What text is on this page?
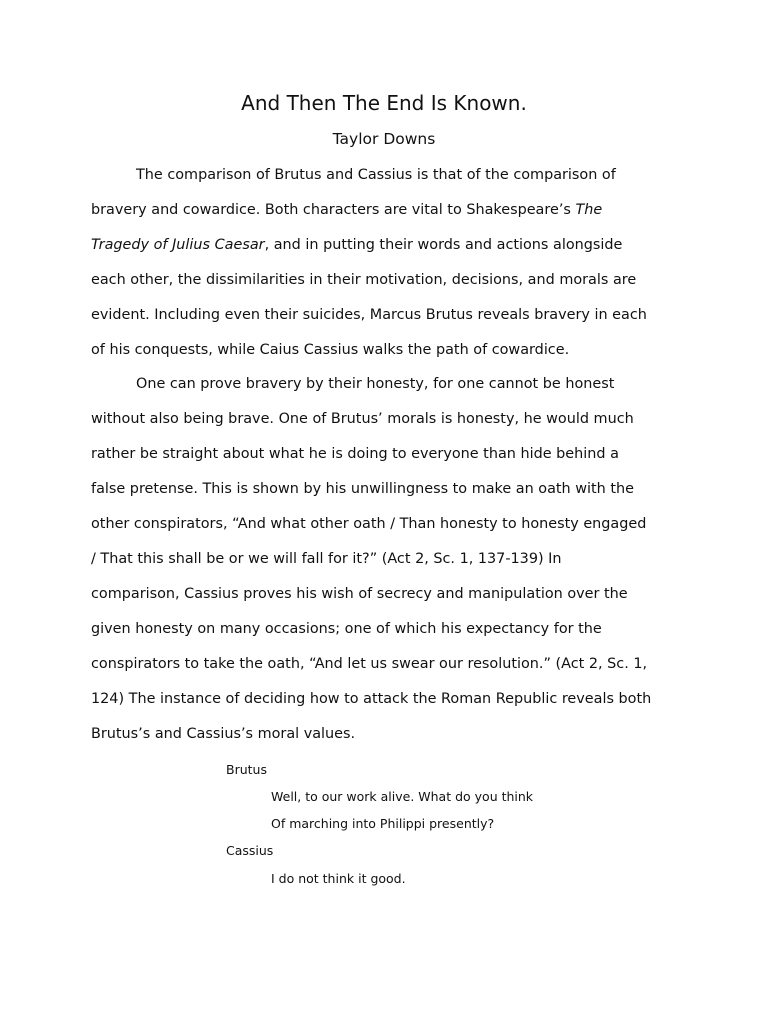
And Then The End Is Known.
Taylor Downs

The comparison of Brutus and Cassius is that of the comparison of

bravery and cowardice. Both characters are vital to Shakespeare’s The

Tragedy of Julius Caesar, and in putting their words and actions alongside

each other, the dissimilarities in their motivation, decisions, and morals are

evident. Including even their suicides, Marcus Brutus reveals bravery in each

of his conquests, while Caius Cassius walks the path of cowardice.

One can prove bravery by their honesty, for one cannot be honest

without also being brave. One of Brutus’ morals is honesty, he would much

rather be straight about what he is doing to everyone than hide behind a

false pretense. This is shown by his unwillingness to make an oath with the

other conspirators, “And what other oath / Than honesty to honesty engaged

/ That this shall be or we will fall for it?” (Act 2, Sc. 1, 137-139) In

comparison, Cassius proves his wish of secrecy and manipulation over the

given honesty on many occasions; one of which his expectancy for the

conspirators to take the oath, “And let us swear our resolution.” (Act 2, Sc. 1,

124) The instance of deciding how to attack the Roman Republic reveals both

Brutus’s and Cassius’s moral values.

Brutus

Well, to our work alive. What do you think

Of marching into Philippi presently?

Cassius

I do not think it good.
